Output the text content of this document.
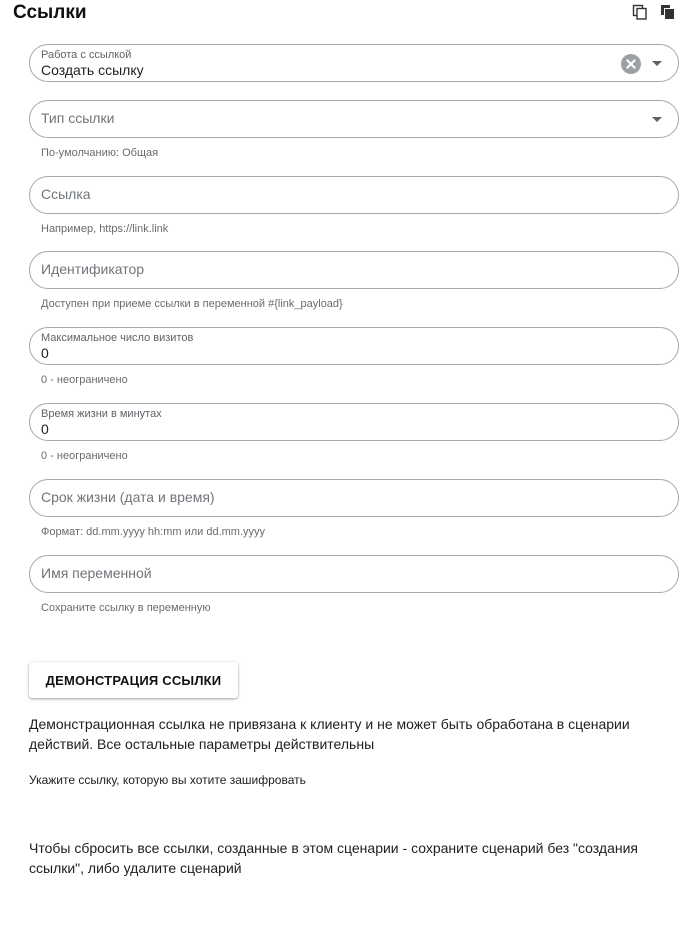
Ссылки
Работа с ссылкой
Создать ссылку
Тип ссылки
По-умолчанию: Общая
Ссылка
Например, https://link.link
Идентификатор
Доступен при приеме ссылки в переменной #{link_payload}
Максимальное число визитов
0
0 - неограничено
Время жизни в минутах
0
0 - неограничено
Срок жизни (дата и время)
Формат: dd.mm.yyyy hh:mm или dd.mm.yyyy
Имя переменной
Сохраните ссылку в переменную
ДЕМОНСТРАЦИЯ ССЫЛКИ
Демонстрационная ссылка не привязана к клиенту и не может быть обработана в сценарии действий. Все остальные параметры действительны
Укажите ссылку, которую вы хотите зашифровать
Чтобы сбросить все ссылки, созданные в этом сценарии - сохраните сценарий без "создания ссылки", либо удалите сценарий
